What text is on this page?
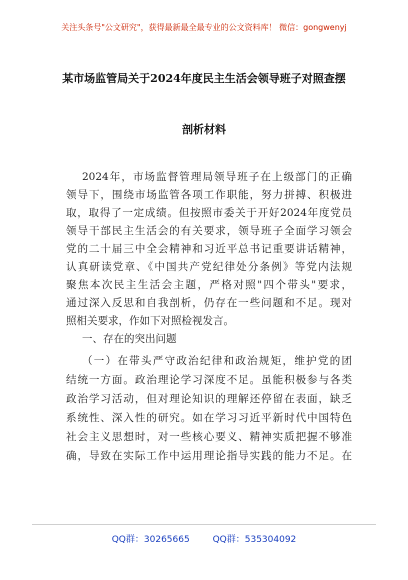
关注头条号"公文研究"，获得最新最全最专业的公文资料库！ 微信：gongwenyj
某市场监管局关于2024年度民主生活会领导班子对照查摆
剖析材料
2024年，市场监督管理局领导班子在上级部门的正确
领导下，围绕市场监管各项工作职能，努力拼搏、积极进
取，取得了一定成绩。但按照市委关于开好2024年度党员
领导干部民主生活会的有关要求，领导班子全面学习领会
党的二十届三中全会精神和习近平总书记重要讲话精神，
认真研读党章、《中国共产党纪律处分条例》等党内法规
聚焦本次民主生活会主题，严格对照"四个带头"要求，
通过深入反思和自我剖析，仍存在一些问题和不足。现对
照相关要求，作如下对照检视发言。
一、存在的突出问题
（一）在带头严守政治纪律和政治规矩，维护党的团
结统一方面。政治理论学习深度不足。虽能积极参与各类
政治学习活动，但对理论知识的理解还停留在表面，缺乏
系统性、深入性的研究。如在学习习近平新时代中国特色
社会主义思想时，对一些核心要义、精神实质把握不够准
确，导致在实际工作中运用理论指导实践的能力不足。在
QQ群：30265665	QQ群：535304092
